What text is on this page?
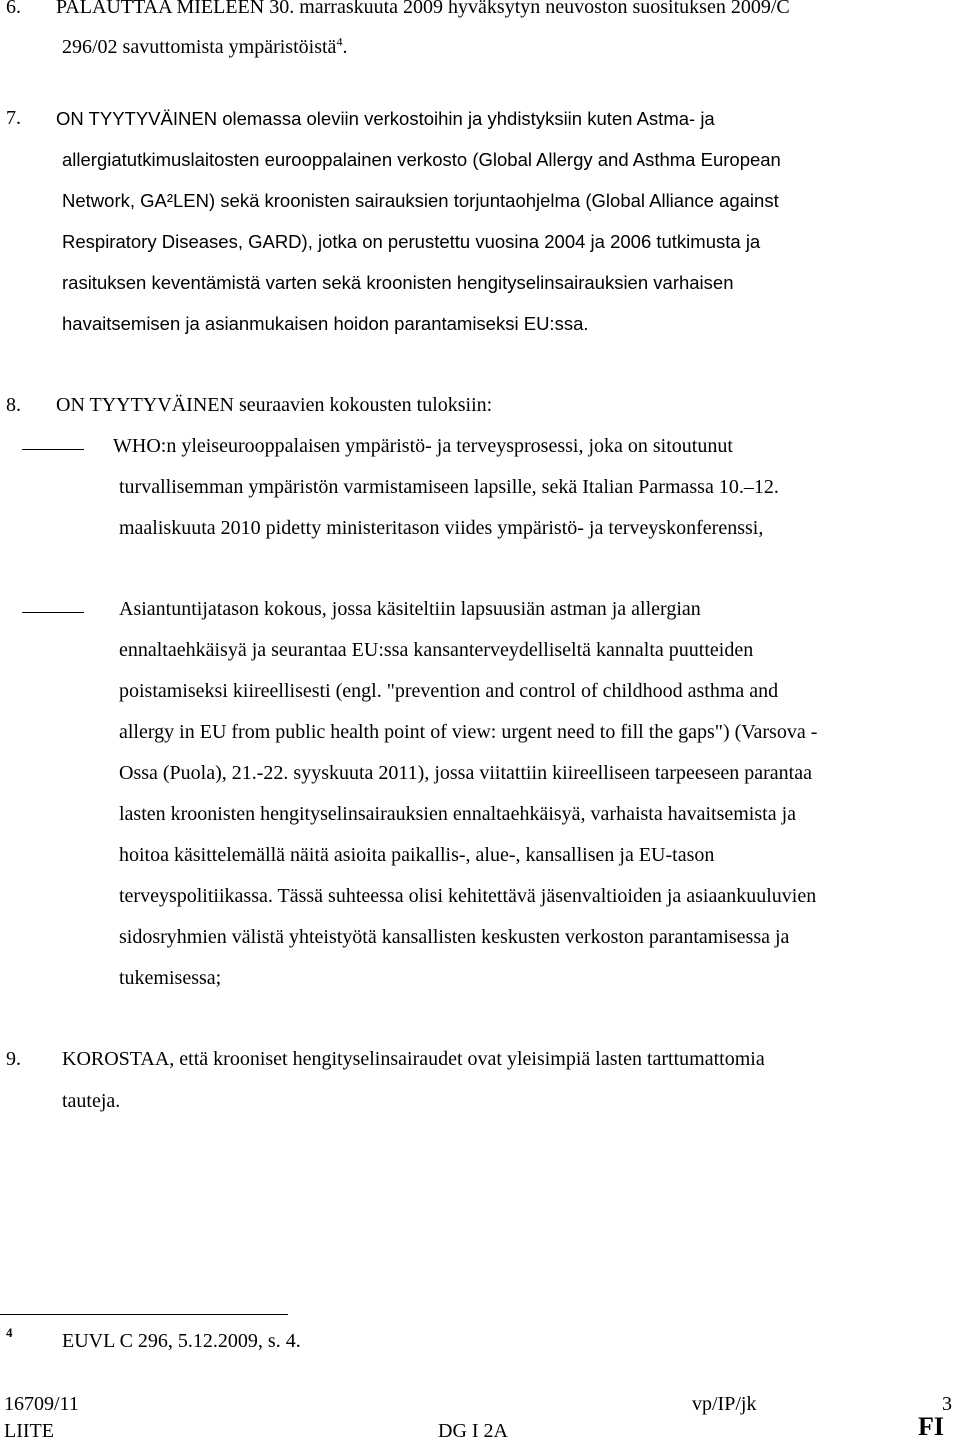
6. PALAUTTAA MIELEEN 30. marraskuuta 2009 hyväksytyn neuvoston suosituksen 2009/C
296/02 savuttomista ympäristöistä$^4$.
7. ON TYYTYVÄINEN olemassa oleviin verkostoihin ja yhdistyksiin kuten Astma- ja
allergiatutkimuslaitosten eurooppalainen verkosto (Global Allergy and Asthma European
Network, GA²LEN) sekä kroonisten sairauksien torjuntaohjelma (Global Alliance against
Respiratory Diseases, GARD), jotka on perustettu vuosina 2004 ja 2006 tutkimusta ja
rasituksen keventämistä varten sekä kroonisten hengityselinsairauksien varhaisen
havaitsemisen ja asianmukaisen hoidon parantamiseksi EU:ssa.
8. ON TYYTYVÄINEN seuraavien kokousten tuloksiin:
WHO:n yleiseurooppalaisen ympäristö- ja terveysprosessi, joka on sitoutunut
turvallisemman ympäristön varmistamiseen lapsille, sekä Italian Parmassa 10.–12.
maaliskuuta 2010 pidetty ministeritason viides ympäristö- ja terveyskonferenssi,
Asiantuntijatason kokous, jossa käsiteltiin lapsuusiän astman ja allergian
ennaltaehkäisyä ja seurantaa EU:ssa kansanterveydelliseltä kannalta puutteiden
poistamiseksi kiireellisesti (engl. "prevention and control of childhood asthma and
allergy in EU from public health point of view: urgent need to fill the gaps") (Varsova -
Ossa (Puola), 21.-22. syyskuuta 2011), jossa viitattiin kiireelliseen tarpeeseen parantaa
lasten kroonisten hengityselinsairauksien ennaltaehkäisyä, varhaista havaitsemista ja
hoitoa käsittelemällä näitä asioita paikallis-, alue-, kansallisen ja EU-tason
terveyspolitiikassa. Tässä suhteessa olisi kehitettävä jäsenvaltioiden ja asiaankuuluvien
sidosryhmien välistä yhteistyötä kansallisten keskusten verkoston parantamisessa ja
tukemisessa;
9. KOROSTAA, että krooniset hengityselinsairaudet ovat yleisimpiä lasten tarttumattomia
tauteja.
4 EUVL C 296, 5.12.2009, s. 4.
16709/11	vp/IP/jk	3
LIITE	DG I 2A	FI
